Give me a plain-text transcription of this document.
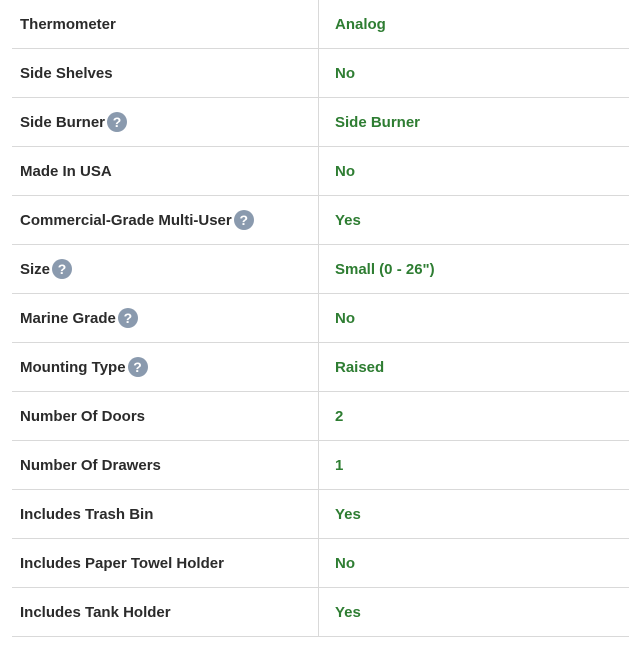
Thermometer	Analog
Side Shelves	No
Side Burner ?	Side Burner
Made In USA	No
Commercial-Grade Multi-User ?	Yes
Size ?	Small (0 - 26")
Marine Grade ?	No
Mounting Type ?	Raised
Number Of Doors	2
Number Of Drawers	1
Includes Trash Bin	Yes
Includes Paper Towel Holder	No
Includes Tank Holder	Yes
